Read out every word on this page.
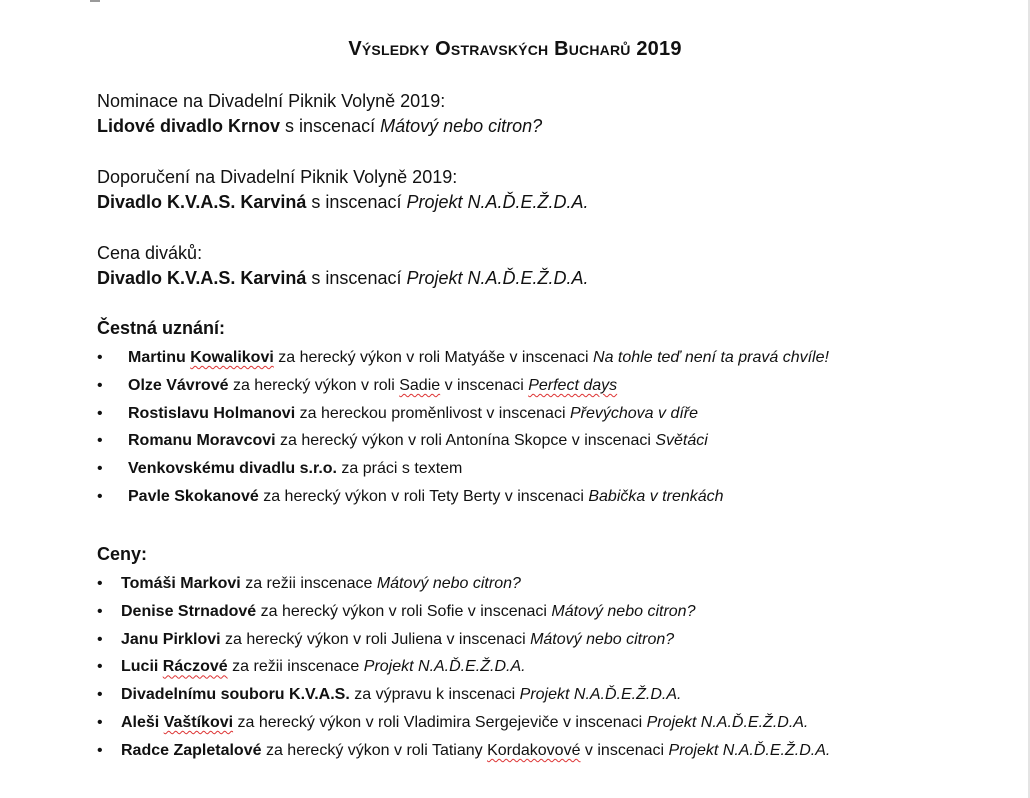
Výsledky Ostravských Bucharů 2019

Nominace na Divadelní Piknik Volyně 2019:

Lidové divadlo Krnov s inscenací Mátový nebo citron?

Doporučení na Divadelní Piknik Volyně 2019:

Divadlo K.V.A.S. Karviná s inscenací Projekt N.A.Ď.E.Ž.D.A.

Cena diváků:

Divadlo K.V.A.S. Karviná s inscenací Projekt N.A.Ď.E.Ž.D.A.

Čestná uznání:
• Martinu Kowalikovi za herecký výkon v roli Matyáše v inscenaci Na tohle teď není ta pravá chvíle!
• Olze Vávrové za herecký výkon v roli Sadie v inscenaci Perfect days
• Rostislavu Holmanovi za hereckou proměnlivost v inscenaci Převýchova v díře
• Romanu Moravcovi za herecký výkon v roli Antonína Skopce v inscenaci Světáci
• Venkovskému divadlu s.r.o. za práci s textem
• Pavle Skokanové za herecký výkon v roli Tety Berty v inscenaci Babička v trenkách
Ceny:
• Tomáši Markovi za režii inscenace Mátový nebo citron?
• Denise Strnadové za herecký výkon v roli Sofie v inscenaci Mátový nebo citron?
• Janu Pirklovi za herecký výkon v roli Juliena v inscenaci Mátový nebo citron?
• Lucii Ráczové za režii inscenace Projekt N.A.Ď.E.Ž.D.A.
• Divadelnímu souboru K.V.A.S. za výpravu k inscenaci Projekt N.A.Ď.E.Ž.D.A.
• Aleši Vaštíkovi za herecký výkon v roli Vladimira Sergejeviče v inscenaci Projekt N.A.Ď.E.Ž.D.A.
• Radce Zapletalové za herecký výkon v roli Tatiany Kordakovové v inscenaci Projekt N.A.Ď.E.Ž.D.A.
